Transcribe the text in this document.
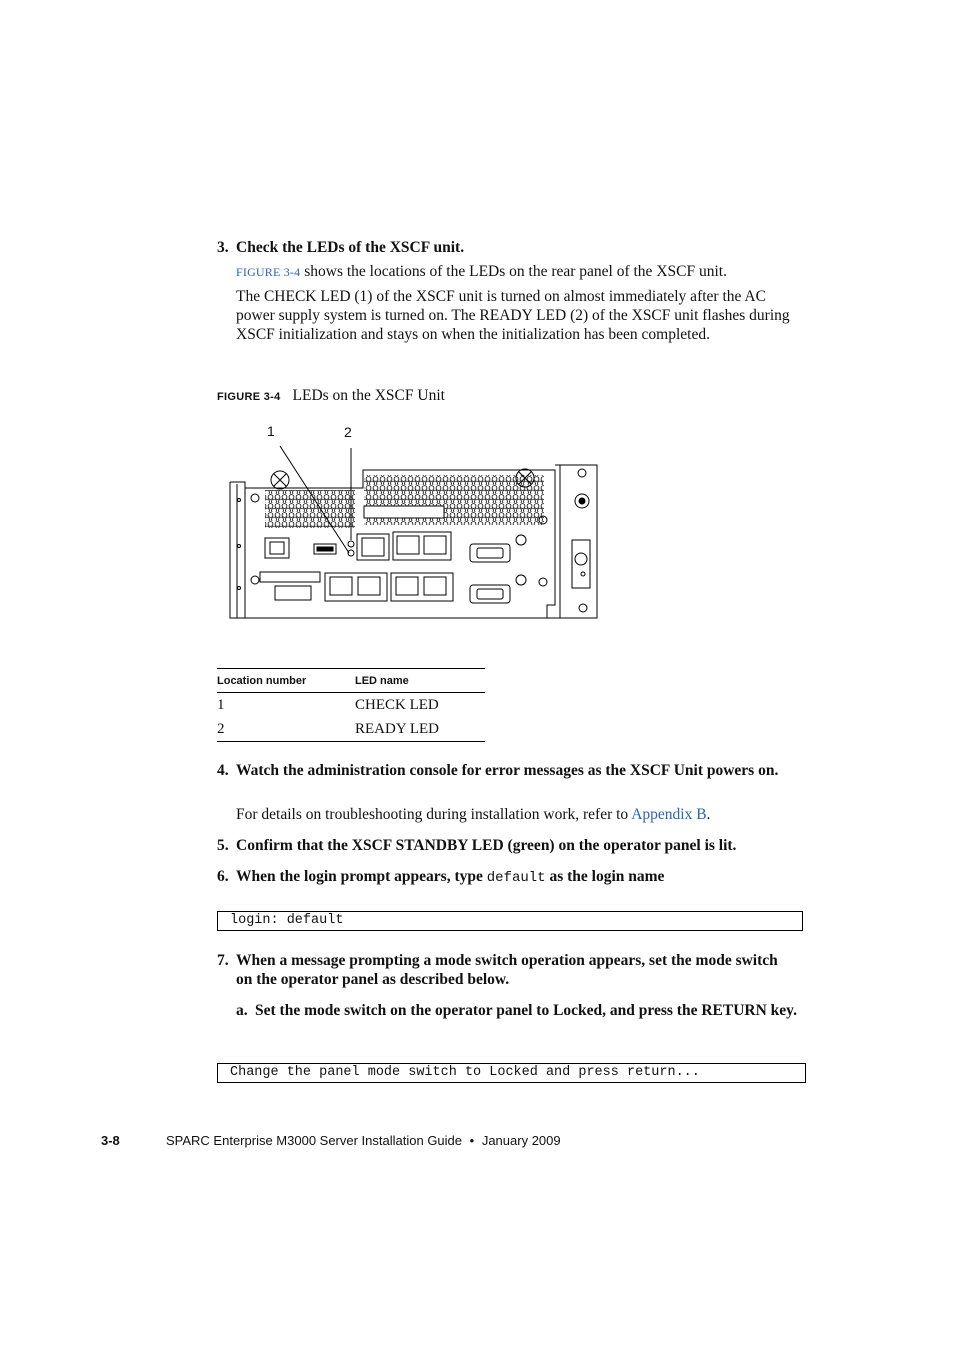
3. Check the LEDs of the XSCF unit.
FIGURE 3-4 shows the locations of the LEDs on the rear panel of the XSCF unit.
The CHECK LED (1) of the XSCF unit is turned on almost immediately after the AC power supply system is turned on. The READY LED (2) of the XSCF unit flashes during XSCF initialization and stays on when the initialization has been completed.
FIGURE 3-4 LEDs on the XSCF Unit
1	2
Location number	LED name
1	CHECK LED
2	READY LED
4. Watch the administration console for error messages as the XSCF Unit powers on.
For details on troubleshooting during installation work, refer to Appendix B.
5. Confirm that the XSCF STANDBY LED (green) on the operator panel is lit.
6. When the login prompt appears, type default as the login name
login: default
7. When a message prompting a mode switch operation appears, set the mode switch on the operator panel as described below.
a. Set the mode switch on the operator panel to Locked, and press the RETURN key.
Change the panel mode switch to Locked and press return...
3-8	SPARC Enterprise M3000 Server Installation Guide • January 2009
